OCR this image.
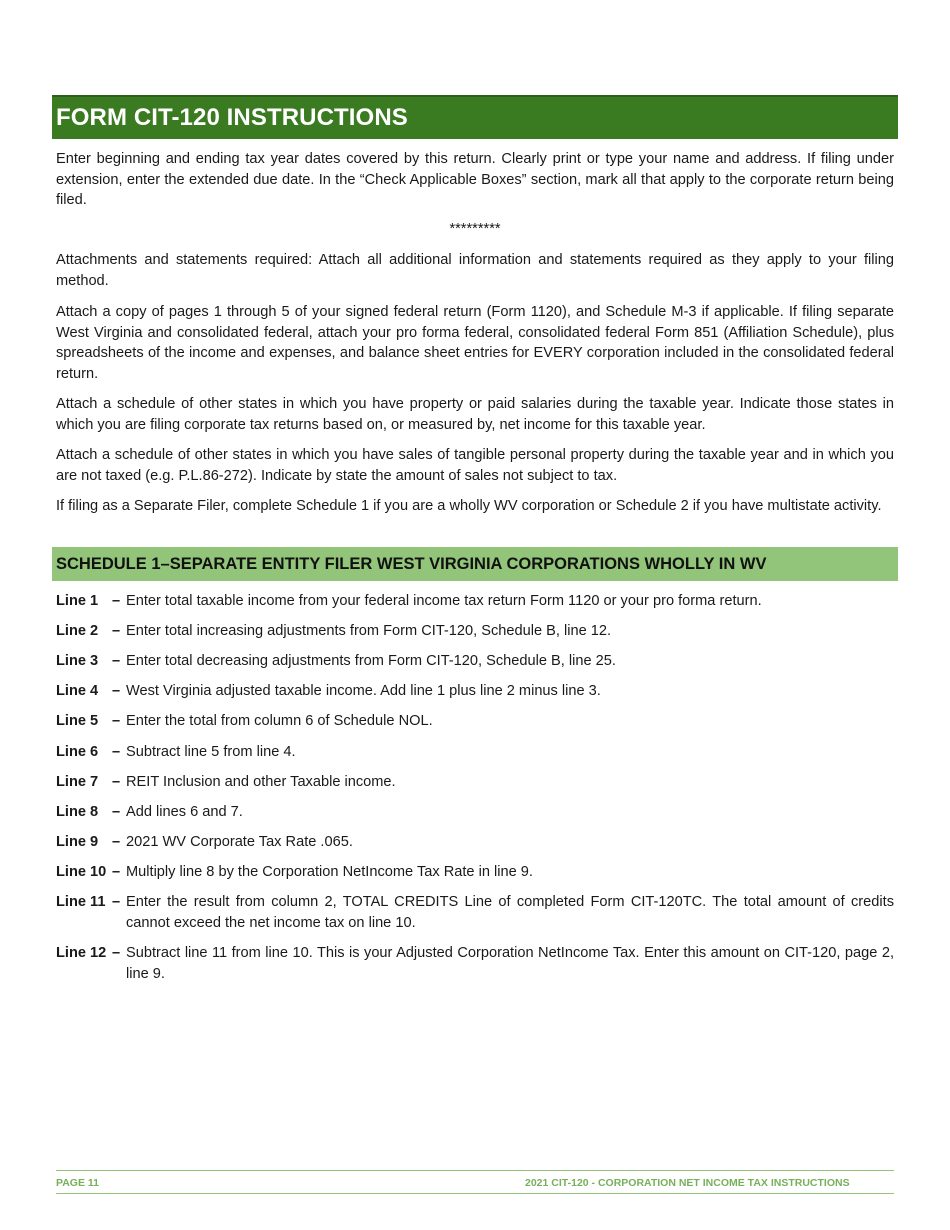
FORM CIT-120 INSTRUCTIONS

Enter beginning and ending tax year dates covered by this return. Clearly print or type your name and address. If filing under extension, enter the extended due date. In the “Check Applicable Boxes” section, mark all that apply to the corporate return being filed.

*********

Attachments and statements required: Attach all additional information and statements required as they apply to your filing method.

Attach a copy of pages 1 through 5 of your signed federal return (Form 1120), and Schedule M-3 if applicable. If filing separate West Virginia and consolidated federal, attach your pro forma federal, consolidated federal Form 851 (Affiliation Schedule), plus spreadsheets of the income and expenses, and balance sheet entries for EVERY corporation included in the consolidated federal return.

Attach a schedule of other states in which you have property or paid salaries during the taxable year. Indicate those states in which you are filing corporate tax returns based on, or measured by, net income for this taxable year.

Attach a schedule of other states in which you have sales of tangible personal property during the taxable year and in which you are not taxed (e.g. P.L.86-272). Indicate by state the amount of sales not subject to tax.

If filing as a Separate Filer, complete Schedule 1 if you are a wholly WV corporation or Schedule 2 if you have multistate activity.

SCHEDULE 1–SEPARATE ENTITY FILER WEST VIRGINIA CORPORATIONS WHOLLY IN WV
Line 1 – Enter total taxable income from your federal income tax return Form 1120 or your pro forma return.
Line 2 – Enter total increasing adjustments from Form CIT-120, Schedule B, line 12.
Line 3 – Enter total decreasing adjustments from Form CIT-120, Schedule B, line 25.
Line 4 – West Virginia adjusted taxable income. Add line 1 plus line 2 minus line 3.
Line 5 – Enter the total from column 6 of Schedule NOL.
Line 6 – Subtract line 5 from line 4.
Line 7 – REIT Inclusion and other Taxable income.
Line 8 – Add lines 6 and 7.
Line 9 – 2021 WV Corporate Tax Rate .065.
Line 10 – Multiply line 8 by the Corporation NetIncome Tax Rate in line 9.
Line 11 – Enter the result from column 2, TOTAL CREDITS Line of completed Form CIT-120TC. The total amount of credits cannot exceed the net income tax on line 10.
Line 12 – Subtract line 11 from line 10. This is your Adjusted Corporation NetIncome Tax. Enter this amount on CIT-120, page 2, line 9.
PAGE 11	2021 CIT-120 - CORPORATION NET INCOME TAX INSTRUCTIONS
